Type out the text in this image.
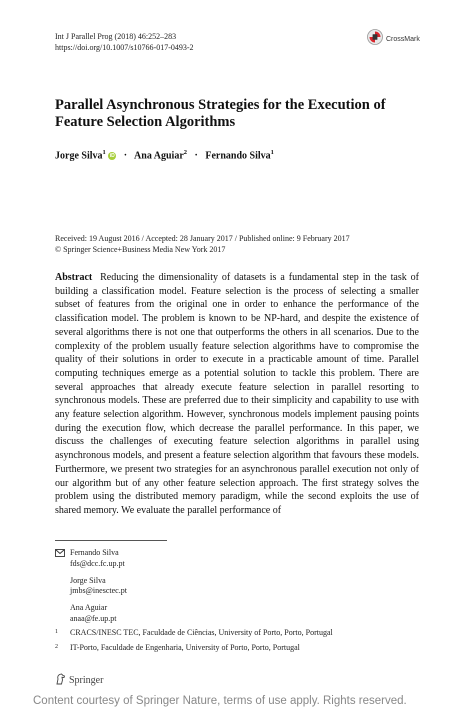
Int J Parallel Prog (2018) 46:252–283
https://doi.org/10.1007/s10766-017-0493-2
CrossMark
Parallel Asynchronous Strategies for the Execution of Feature Selection Algorithms
Jorge Silva$^1$ iD · Ana Aguiar$^2$ · Fernando Silva$^1$
Received: 19 August 2016 / Accepted: 28 January 2017 / Published online: 9 February 2017
© Springer Science+Business Media New York 2017
Abstract Reducing the dimensionality of datasets is a fundamental step in the task of building a classification model. Feature selection is the process of selecting a smaller subset of features from the original one in order to enhance the performance of the classification model. The problem is known to be NP-hard, and despite the existence of several algorithms there is not one that outperforms the others in all scenarios. Due to the complexity of the problem usually feature selection algorithms have to compromise the quality of their solutions in order to execute in a practicable amount of time. Parallel computing techniques emerge as a potential solution to tackle this problem. There are several approaches that already execute feature selection in parallel resorting to synchronous models. These are preferred due to their simplicity and capability to use with any feature selection algorithm. However, synchronous models implement pausing points during the execution flow, which decrease the parallel performance. In this paper, we discuss the challenges of executing feature selection algorithms in parallel using asynchronous models, and present a feature selection algorithm that favours these models. Furthermore, we present two strategies for an asynchronous parallel execution not only of our algorithm but of any other feature selection approach. The first strategy solves the problem using the distributed memory paradigm, while the second exploits the use of shared memory. We evaluate the parallel performance of
Fernando Silva
fds@dcc.fc.up.pt
Jorge Silva
jmbs@inesctec.pt
Ana Aguiar
anaa@fe.up.pt
1 CRACS/INESC TEC, Faculdade de Ciências, University of Porto, Porto, Portugal
2 IT-Porto, Faculdade de Engenharia, University of Porto, Porto, Portugal
Springer
Content courtesy of Springer Nature, terms of use apply. Rights reserved.
